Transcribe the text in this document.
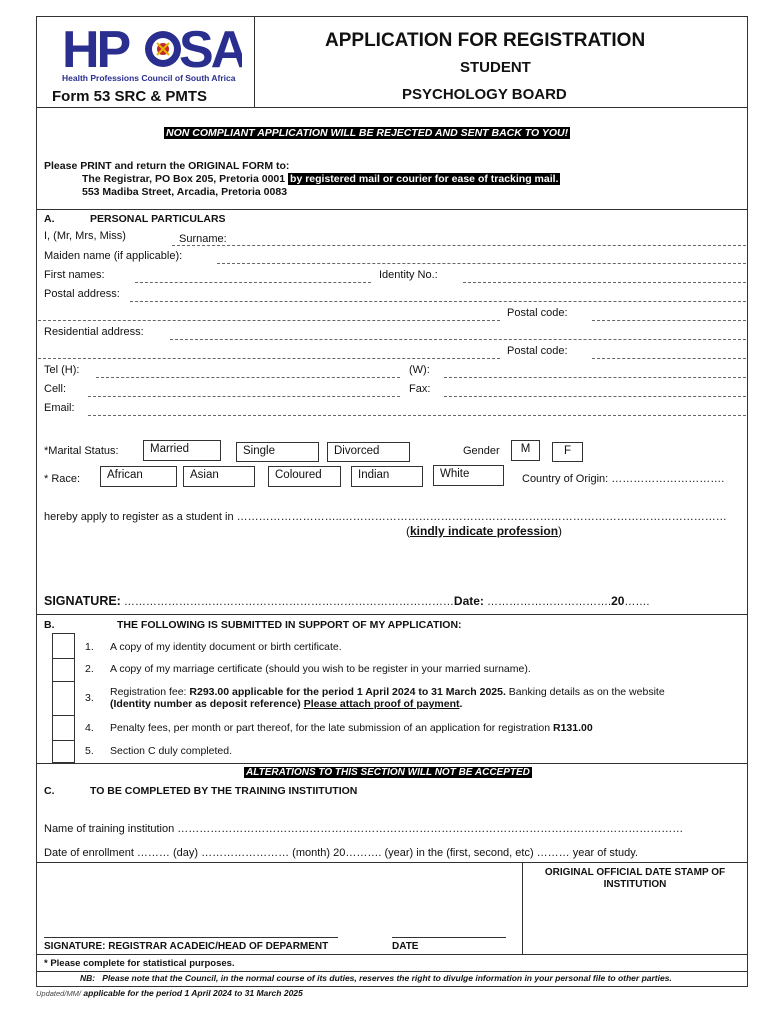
HP SA
Health Professions Council of South Africa
Form 53 SRC & PMTS
APPLICATION FOR REGISTRATION
STUDENT
PSYCHOLOGY BOARD
NON COMPLIANT APPLICATION WILL BE REJECTED AND SENT BACK TO YOU!
Please PRINT and return the ORIGINAL FORM to:
The Registrar, PO Box 205, Pretoria 0001 by registered mail or courier for ease of tracking mail.
553 Madiba Street, Arcadia, Pretoria 0083
A.	PERSONAL PARTICULARS
I, (Mr, Mrs, Miss)	Surname:
Maiden name (if applicable):
First names:	Identity No.:
Postal address:
Postal code:
Residential address:
Postal code:
Tel (H):	(W):
Cell:	Fax:
Email:
*Marital Status:	Married	Single	Divorced	Gender	M	F
* Race:	African	Asian	Coloured	Indian	White	Country of Origin: ………………………….
hereby apply to register as a student in ………………………..……………………………………………………………………………………………
(kindly indicate profession)
SIGNATURE: ………………………………………………………………………………Date: …………………………….20…….
B.	THE FOLLOWING IS SUBMITTED IN SUPPORT OF MY APPLICATION:
1. A copy of my identity document or birth certificate.
2. A copy of my marriage certificate (should you wish to be register in your married surname).
3. Registration fee: R293.00 applicable for the period 1 April 2024 to 31 March 2025. Banking details as on the website
(Identity number as deposit reference) Please attach proof of payment.
4. Penalty fees, per month or part thereof, for the late submission of an application for registration R131.00
5. Section C duly completed.
ALTERATIONS TO THIS SECTION WILL NOT BE ACCEPTED
C.	TO BE COMPLETED BY THE TRAINING INSTIITUTION
Name of training institution …………………………………………………………………………………………………………………………
Date of enrollment ……… (day) …………………… (month) 20………. (year) in the (first, second, etc) ……… year of study.
ORIGINAL OFFICIAL DATE STAMP OF INSTITUTION
SIGNATURE: REGISTRAR ACADEIC/HEAD OF DEPARMENT	DATE
* Please complete for statistical purposes.
NB: Please note that the Council, in the normal course of its duties, reserves the right to divulge information in your personal file to other parties.
Updated/MM/ applicable for the period 1 April 2024 to 31 March 2025
